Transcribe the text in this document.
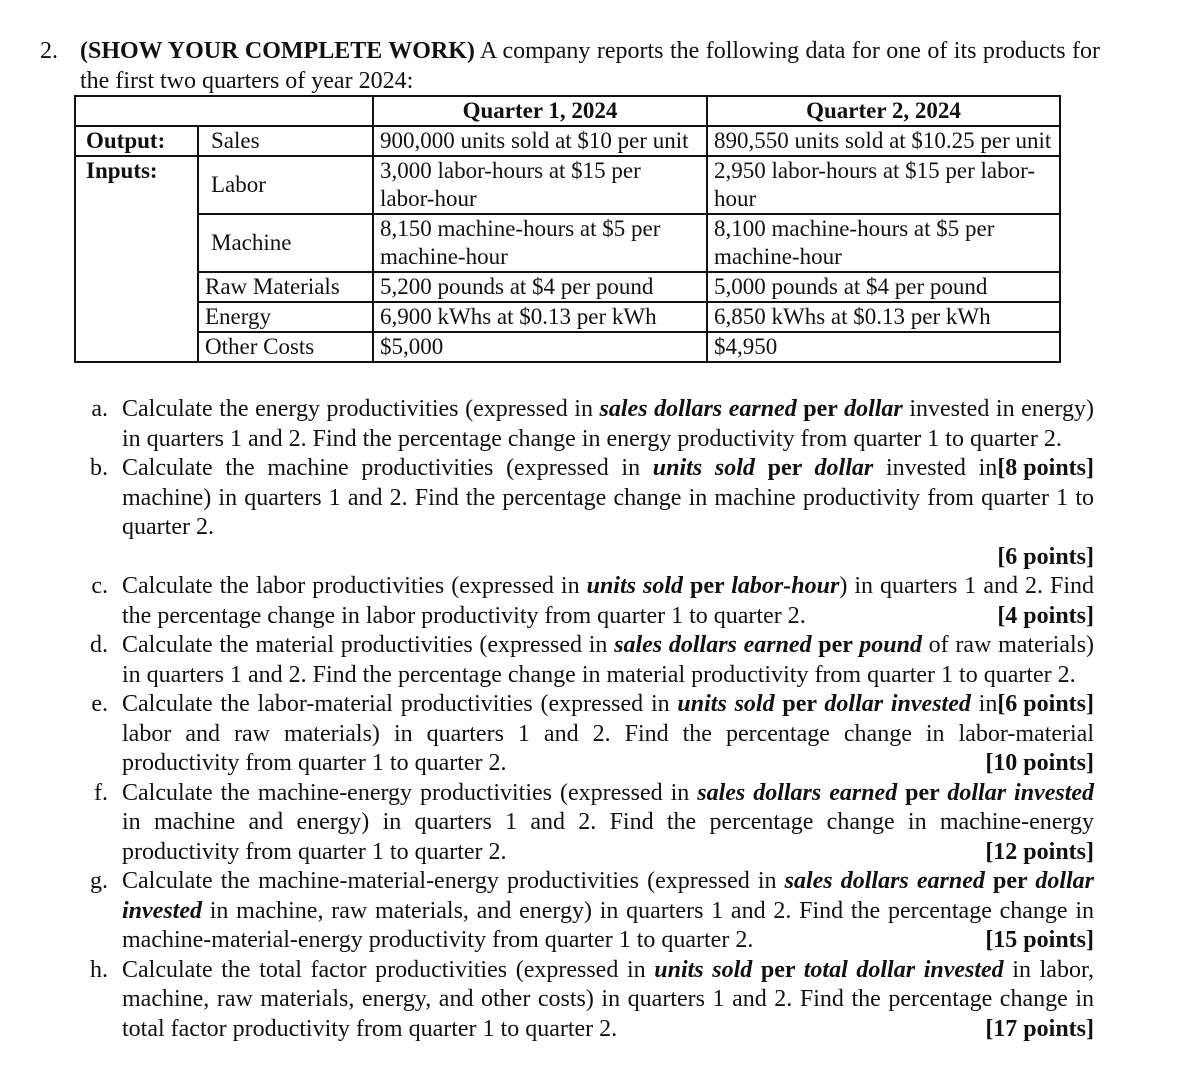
2. (SHOW YOUR COMPLETE WORK) A company reports the following data for one of its products for the first two quarters of year 2024:
		Quarter 1, 2024	Quarter 2, 2024
Output:	Sales	900,000 units sold at $10 per unit	890,550 units sold at $10.25 per unit
Inputs:	Labor	3,000 labor-hours at $15 per labor-hour	2,950 labor-hours at $15 per labor-hour
	Machine	8,150 machine-hours at $5 per machine-hour	8,100 machine-hours at $5 per machine-hour
	Raw Materials	5,200 pounds at $4 per pound	5,000 pounds at $4 per pound
	Energy	6,900 kWhs at $0.13 per kWh	6,850 kWhs at $0.13 per kWh
	Other Costs	$5,000	$4,950
a. Calculate the energy productivities (expressed in sales dollars earned per dollar invested in energy) in quarters 1 and 2. Find the percentage change in energy productivity from quarter 1 to quarter 2.
[8 points]
b. Calculate the machine productivities (expressed in units sold per dollar invested in machine) in quarters 1 and 2. Find the percentage change in machine productivity from quarter 1 to quarter 2.
[6 points]
c. Calculate the labor productivities (expressed in units sold per labor-hour) in quarters 1 and 2. Find the percentage change in labor productivity from quarter 1 to quarter 2.	[4 points]
d. Calculate the material productivities (expressed in sales dollars earned per pound of raw materials) in quarters 1 and 2. Find the percentage change in material productivity from quarter 1 to quarter 2.
[6 points]
e. Calculate the labor-material productivities (expressed in units sold per dollar invested in labor and raw materials) in quarters 1 and 2. Find the percentage change in labor-material productivity from quarter 1 to quarter 2.	[10 points]
f. Calculate the machine-energy productivities (expressed in sales dollars earned per dollar invested in machine and energy) in quarters 1 and 2. Find the percentage change in machine-energy productivity from quarter 1 to quarter 2.	[12 points]
g. Calculate the machine-material-energy productivities (expressed in sales dollars earned per dollar invested in machine, raw materials, and energy) in quarters 1 and 2. Find the percentage change in machine-material-energy productivity from quarter 1 to quarter 2.	[15 points]
h. Calculate the total factor productivities (expressed in units sold per total dollar invested in labor, machine, raw materials, energy, and other costs) in quarters 1 and 2. Find the percentage change in total factor productivity from quarter 1 to quarter 2.	[17 points]
